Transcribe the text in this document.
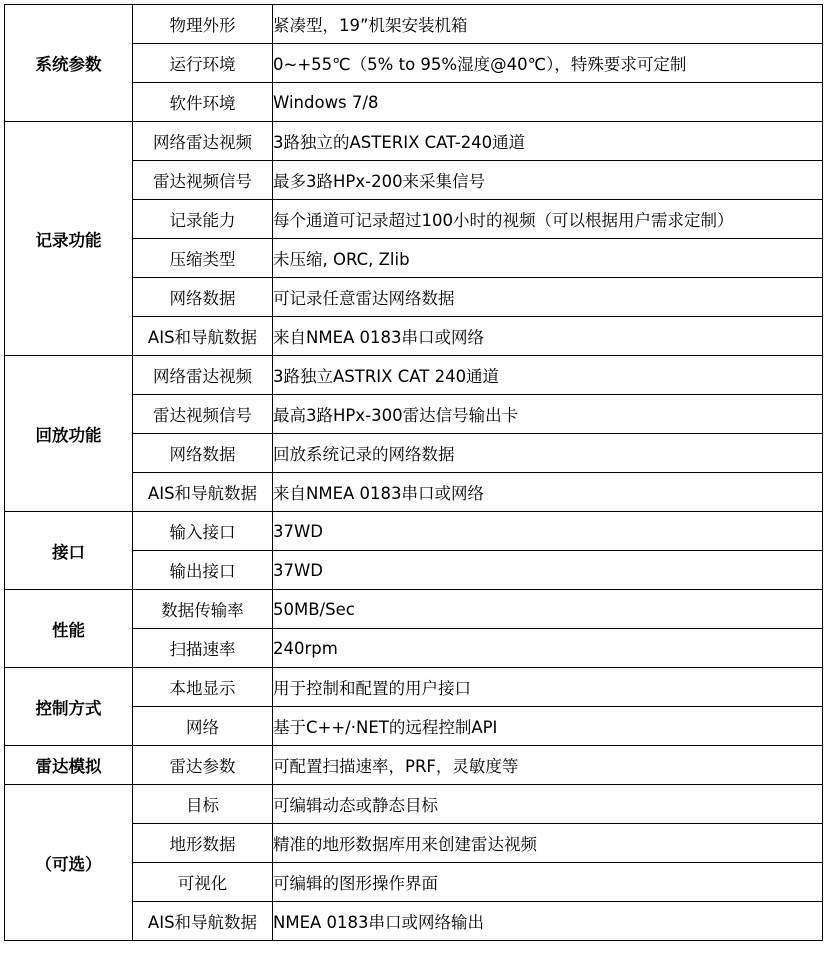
系统参数	物理外形	紧凑型，19”机架安装机箱
	运行环境	0~+55℃（5% to 95%湿度@40℃），特殊要求可定制
	软件环境	Windows 7/8
记录功能	网络雷达视频	3路独立的ASTERIX CAT-240通道
	雷达视频信号	最多3路HPx-200来采集信号
	记录能力	每个通道可记录超过100小时的视频（可以根据用户需求定制）
	压缩类型	未压缩, ORC, Zlib
	网络数据	可记录任意雷达网络数据
	AIS和导航数据	来自NMEA 0183串口或网络
回放功能	网络雷达视频	3路独立ASTRIX CAT 240通道
	雷达视频信号	最高3路HPx-300雷达信号输出卡
	网络数据	回放系统记录的网络数据
	AIS和导航数据	来自NMEA 0183串口或网络
接口	输入接口	37WD
	输出接口	37WD
性能	数据传输率	50MB/Sec
	扫描速率	240rpm
控制方式	本地显示	用于控制和配置的用户接口
	网络	基于C++/·NET的远程控制API
雷达模拟	雷达参数	可配置扫描速率，PRF，灵敏度等
（可选）	目标	可编辑动态或静态目标
	地形数据	精准的地形数据库用来创建雷达视频
	可视化	可编辑的图形操作界面
	AIS和导航数据	NMEA 0183串口或网络输出
